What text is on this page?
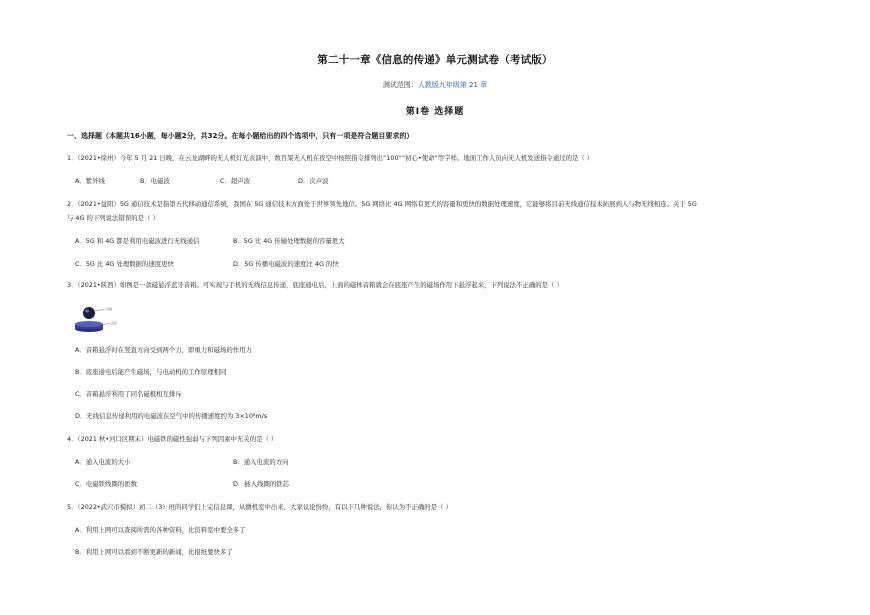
第二十一章《信息的传递》单元测试卷（考试版）
测试范围：人教版九年级第 21 章
第Ⅰ卷 选择题
一、选择题（本题共16小题，每小题2分，共32分。在每小题给出的四个选项中，只有一项是符合题目要求的）
1．（2021•徐州）今年 5 月 21 日晚，在云龙湖畔的无人机灯光表演中，数百架无人机在夜空中按照指令排列出“100”“初心•使命”等字样。地面工作人员向无人机发送指令通过的是（ ）
A．紫外线	B．电磁波	C．超声波	D．次声波
2．（2021•益阳）5G 通信技术是指第五代移动通信系统，我国在 5G 通信技术方面处于世界领先地位。5G 网络比 4G 网络有更大的容量和更快的数据处理速度，它能够将目前无线通信技术拓展到人与物无线相连。关于 5G
与 4G 的下列说法错误的是（ ）
A．5G 和 4G 都是利用电磁波进行无线通信	B．5G 比 4G 传输处理数据的容量更大
C．5G 比 4G 处理数据的速度更快	D．5G 传播电磁波的速度比 4G 的快
3．（2021•陕西）如图是一款磁悬浮蓝牙音箱。可实现与手机的无线信息传递，底座通电后，上面的磁体音箱就会在底座产生的磁场作用下悬浮起来，下列说法不正确的是（ ）
音箱
底座
A．音箱悬浮时在竖直方向受到两个力，即重力和磁场的作用力
B．底座通电后能产生磁场，与电动机的工作原理相同
C．音箱悬浮利用了同名磁极相互排斥
D．无线信息传递利用的电磁波在空气中的传播速度约为 3×10⁸m/s
4．（2021 秋•河口区期末）电磁铁的磁性强弱与下列因素中无关的是（ ）
A．通入电流的大小	B．通入电流的方向
C．电磁铁线圈的匝数	D．插入线圈的铁芯
5．（2022•武穴市模拟）初二（3）班的同学们上完信息课，从微机室中出来，大家议论纷纷，有以下几种说法，你认为不正确的是（ ）
A．利用上网可以查阅所需的各种资料，比资料室中要全多了
B．利用上网可以看到不断更新的新闻，比报纸要快多了
